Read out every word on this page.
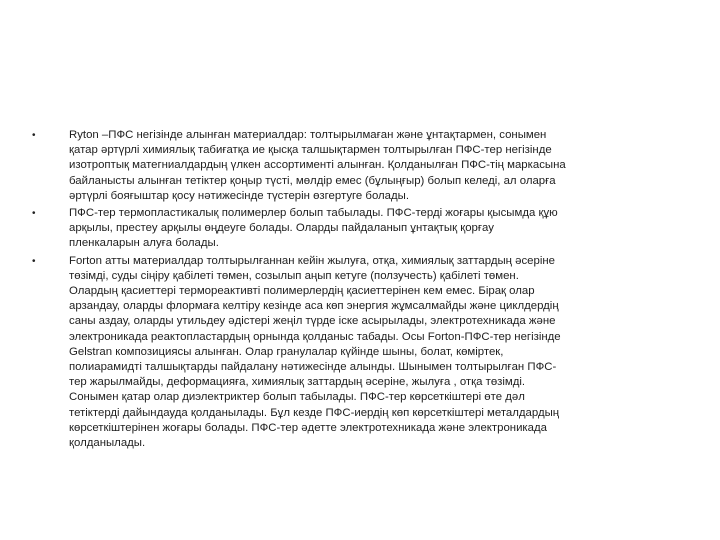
•	Ryton –ПФС негізінде алынған материалдар: толтырылмаған және ұнтақтармен, сонымен
қатар әртүрлі химиялық табиғатқа ие қысқа талшықтармен толтырылған ПФС-тер негізінде
изотроптық матегниалдардың үлкен ассортименті алынған. Қолданылған ПФС-тің маркасына
байланысты алынған тетіктер қоңыр түсті, мөлдір емес (бұлыңғыр) болып келеді, ал оларға
әртүрлі бояғыштар қосу нәтижесінде түстерін өзгертуге болады.
•	ПФС-тер термопластикалық полимерлер болып табылады. ПФС-терді жоғары қысымда құю
арқылы, престеу арқылы өңдеуге болады. Оларды пайдаланып ұнтақтық қорғау
пленкаларын алуға болады.
•	Forton атты материалдар толтырылғаннан кейін жылуға, отқа, химиялық заттардың әсеріне
төзімді, суды сіңіру қабілеті төмен, созылып аңып кетуге (ползучесть) қабілеті төмен.
Олардың қасиеттері термореактивті полимерлердің қасиеттерінен кем емес. Бірақ олар
арзандау, оларды флормаға келтіру кезінде аса көп энергия жұмсалмайды және циклдердің
саны аздау, оларды утильдеу әдістері жеңіл түрде іске асырылады, электротехникада және
электроникада реактопластардың орнында қолданыс табады. Осы Forton-ПФС-тер негізінде
Gelstran композициясы алынған. Олар гранулалар күйінде шыны, болат, көміртек,
полиарамидті талшықтарды пайдалану нәтижесінде алынды. Шынымен толтырылған ПФС-
тер жарылмайды, деформацияға, химиялық заттардың әсеріне, жылуға , отқа төзімді.
Сонымен қатар олар диэлектриктер болып табылады. ПФС-тер көрсеткіштері өте дәл
тетіктерді дайындауда қолданылады. Бұл кезде ПФС-иердің көп көрсеткіштері металдардың
көрсеткіштерінен жоғары болады. ПФС-тер әдетте электротехникада және электроникада
қолданылады.
